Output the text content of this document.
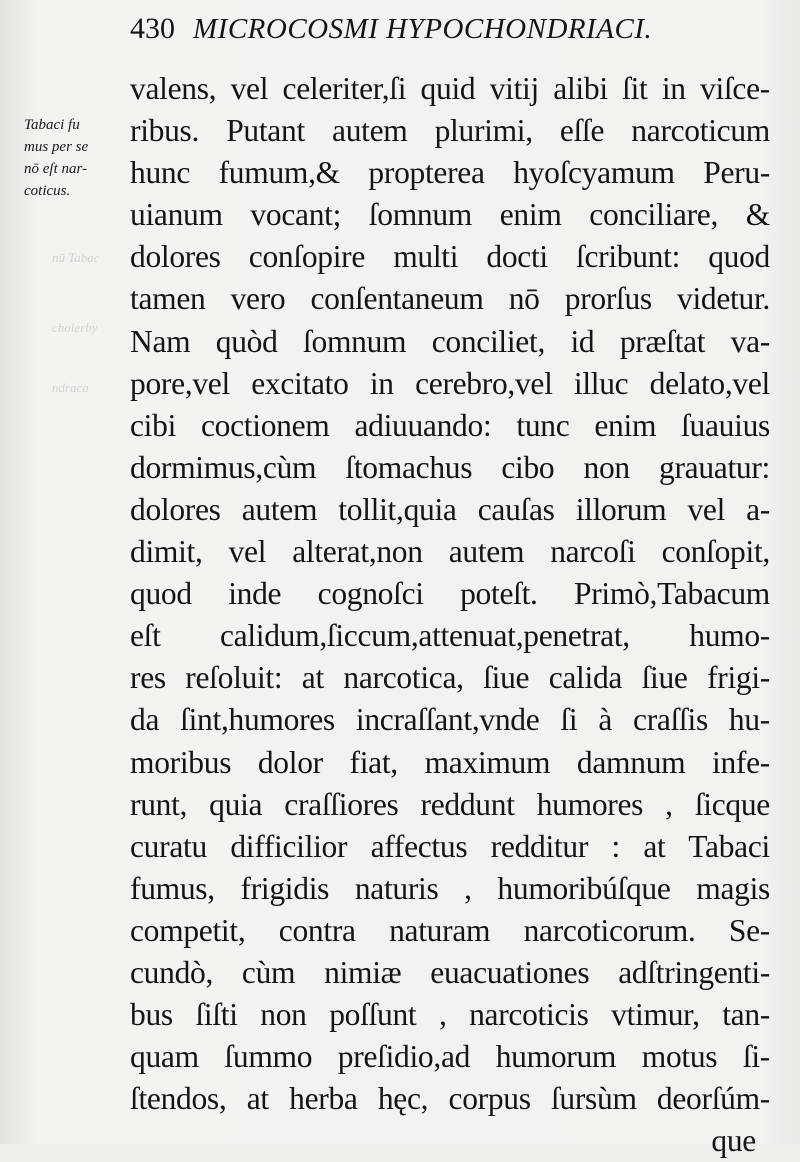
nū Tabac
cholerby
ndraca
430 MICROCOSMI HYPOCHONDRIACI.
Tabaci fu
mus per se
nō eſt nar-
coticus.
valens, vel celeriter,ſi quid vitij alibi ſit in viſce-
ribus. Putant autem plurimi, eſſe narcoticum
hunc fumum,& propterea hyoſcyamum Peru-
uianum vocant; ſomnum enim conciliare, &
dolores conſopire multi docti ſcribunt: quod
tamen vero conſentaneum nō prorſus videtur.
Nam quòd ſomnum conciliet, id præſtat va-
pore,vel excitato in cerebro,vel illuc delato,vel
cibi coctionem adiuuando: tunc enim ſuauius
dormimus,cùm ſtomachus cibo non grauatur:
dolores autem tollit,quia cauſas illorum vel a-
dimit, vel alterat,non autem narcoſi conſopit,
quod inde cognoſci poteſt. Primò,Tabacum
eſt calidum,ſiccum,attenuat,penetrat, humo-
res reſoluit: at narcotica, ſiue calida ſiue frigi-
da ſint,humores incraſſant,vnde ſi à craſſis hu-
moribus dolor fiat, maximum damnum infe-
runt, quia craſſiores reddunt humores , ſicque
curatu difficilior affectus redditur : at Tabaci
fumus, frigidis naturis , humoribúſque magis
competit, contra naturam narcoticorum. Se-
cundò, cùm nimiæ euacuationes adſtringenti-
bus ſiſti non poſſunt , narcoticis vtimur, tan-
quam ſummo preſidio,ad humorum motus ſi-
ſtendos, at herba hęc, corpus ſursùm deorſúm-
que
